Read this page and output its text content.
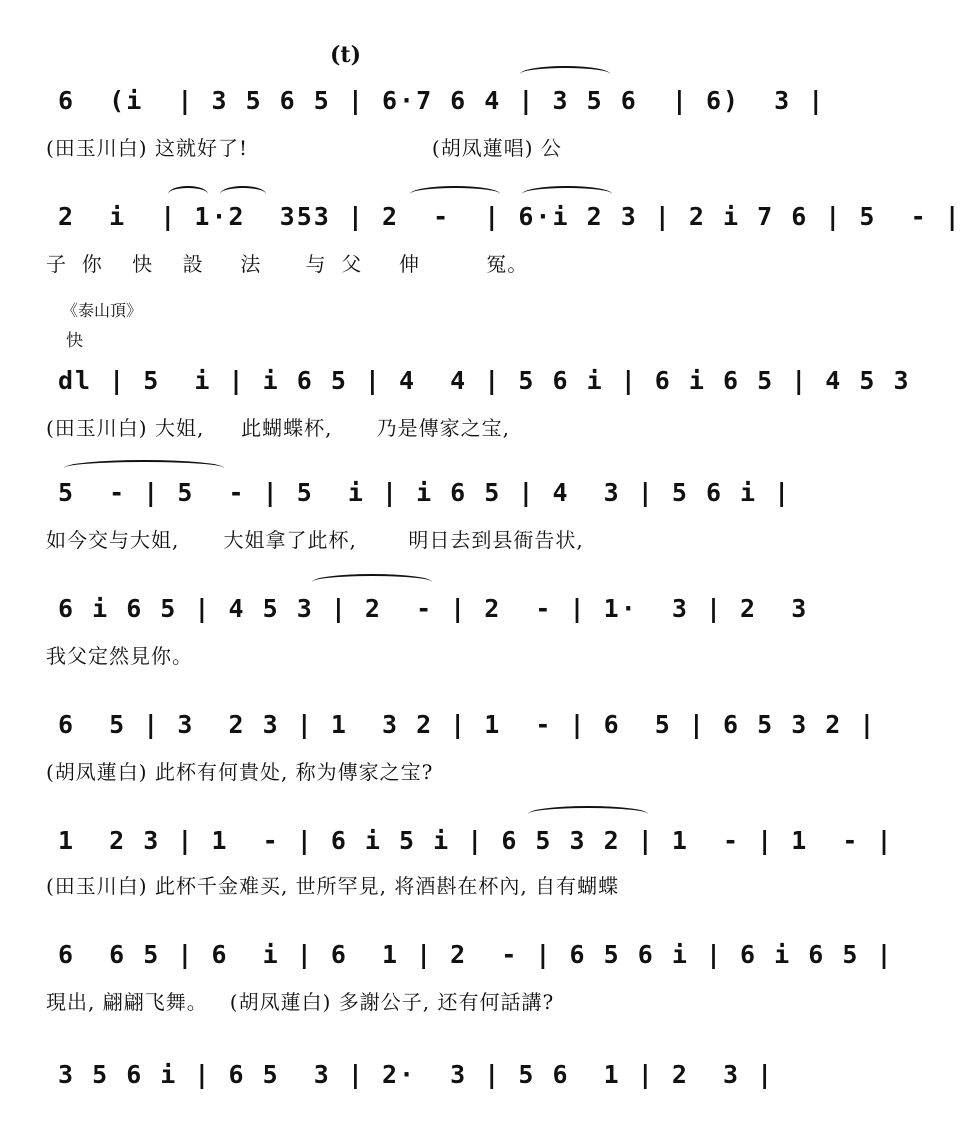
(t)
6  (i  | 3 5 6 5 | 6·7 6 4 | 3 5 6  | 6)  3 |
(田玉川白) 这就好了!                         (胡凤蓮唱) 公
2  i  | 1·2  353 | 2  -  | 6·i 2 3 | 2 i 7 6 | 5  - |
子  你    快    設     法      与  父     伸         冤。
《泰山頂》
快
dl | 5  i | i 6 5 | 4  4 | 5 6 i | 6 i 6 5 | 4 5 3
(田玉川白) 大姐,     此蝴蝶杯,      乃是傳家之宝,
5  - | 5  - | 5  i | i 6 5 | 4  3 | 5 6 i |
如今交与大姐,      大姐拿了此杯,       明日去到县衙告状,
6 i 6 5 | 4 5 3 | 2  - | 2  - | 1·  3 | 2  3
我父定然見你。
6  5 | 3  2 3 | 1  3 2 | 1  - | 6  5 | 6 5 3 2 |
(胡凤蓮白) 此杯有何貴处, 称为傳家之宝?
1  2 3 | 1  - | 6 i 5 i | 6 5 3 2 | 1  - | 1  - |
(田玉川白) 此杯千金难买, 世所罕見, 将酒斟在杯內, 自有蝴蝶
6  6 5 | 6  i | 6  1 | 2  - | 6 5 6 i | 6 i 6 5 |
現出, 翩翩飞舞。   (胡凤蓮白) 多謝公子, 还有何話講?
3 5 6 i | 6 5  3 | 2·  3 | 5 6  1 | 2  3 |
